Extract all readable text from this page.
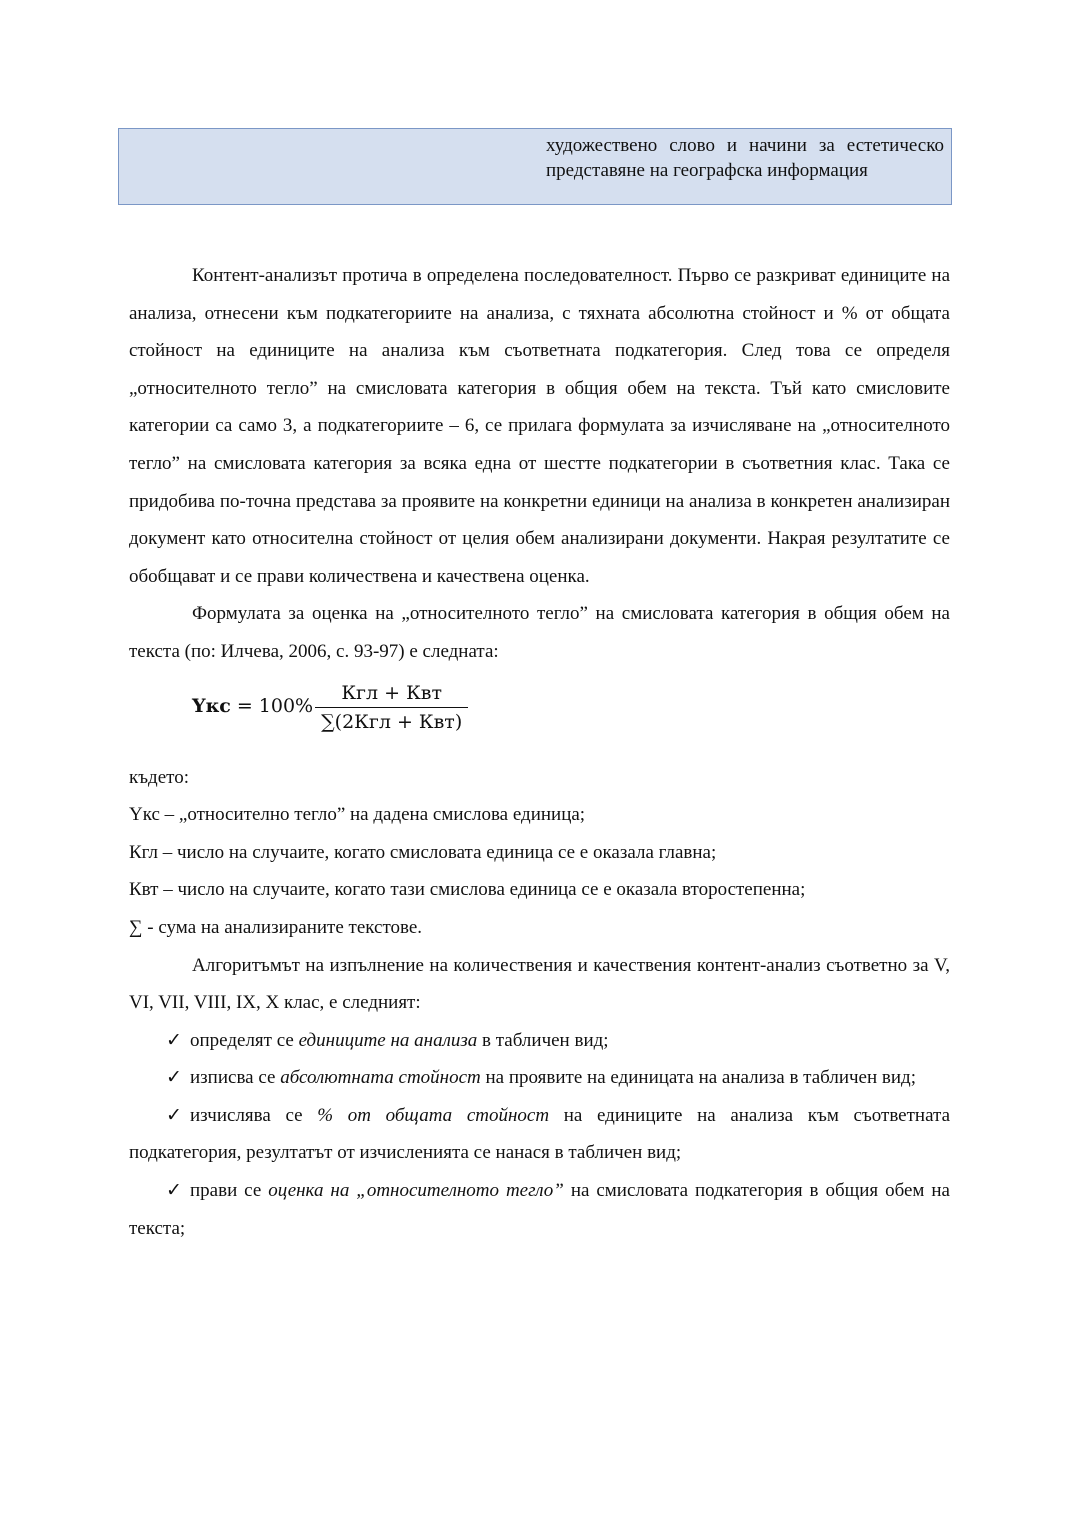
художествено слово и начини за естетическо представяне на географска информация

Контент-анализът протича в определена последователност. Първо се разкриват единиците на анализа, отнесени към подкатегориите на анализа, с тяхната абсолютна стойност и % от общата стойност на единиците на анализа към съответната подкатегория. След това се определя „относителното тегло” на смисловата категория в общия обем на текста. Тъй като смисловите категории са само 3, а подкатегориите – 6, се прилага формулата за изчисляване на „относителното тегло” на смисловата категория за всяка една от шестте подкатегории в съответния клас. Така се придобива по-точна представа за проявите на конкретни единици на анализа в конкретен анализиран документ като относителна стойност от целия обем анализирани документи. Накрая резултатите се обобщават и се прави количествена и качествена оценка.

Формулата за оценка на „относителното тегло” на смисловата категория в общия обем на текста (по: Илчева, 2006, с. 93-97) е следната:

Yкс = $100\% \frac{\text{Кгл + Квт}}{\text{∑(2Кгл + Квт)}}$

където:

Yкс – „относително тегло” на дадена смислова единица;

Кгл – число на случаите, когато смисловата единица се е оказала главна;

Квт – число на случаите, когато тази смислова единица се е оказала второстепенна;

∑ - сума на анализираните текстове.

Алгоритъмът на изпълнение на количествения и качествения контент-анализ съответно за V, VI, VII, VIII, IX, X клас, е следният:

✓ определят се единиците на анализа в табличен вид;

✓ изписва се абсолютната стойност на проявите на единицата на анализа в табличен вид;

✓ изчислява се % от общата стойност на единиците на анализа към съответната подкатегория, резултатът от изчисленията се нанася в табличен вид;

✓ прави се оценка на „относителното тегло” на смисловата подкатегория в общия обем на текста;
